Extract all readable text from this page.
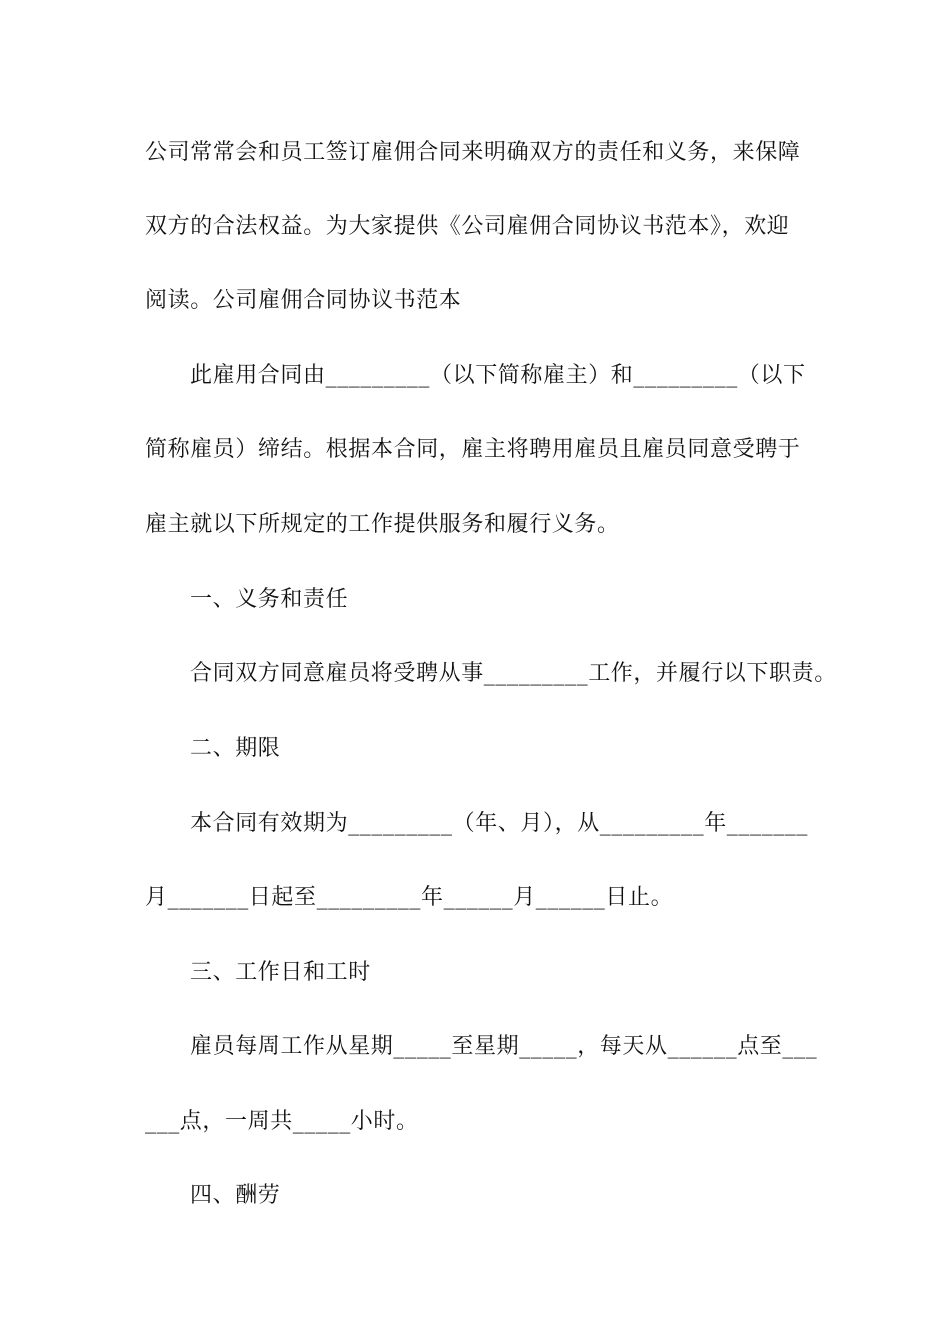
公司常常会和员工签订雇佣合同来明确双方的责任和义务，来保障
双方的合法权益。为大家提供《公司雇佣合同协议书范本》，欢迎
阅读。公司雇佣合同协议书范本
此雇用合同由_________（以下简称雇主）和_________（以下
简称雇员）缔结。根据本合同，雇主将聘用雇员且雇员同意受聘于
雇主就以下所规定的工作提供服务和履行义务。
一、义务和责任
合同双方同意雇员将受聘从事_________工作，并履行以下职责。
二、期限
本合同有效期为_________（年、月），从_________年_______
月_______日起至_________年______月______日止。
三、工作日和工时
雇员每周工作从星期_____至星期_____，每天从______点至___
___点，一周共_____小时。
四、酬劳
